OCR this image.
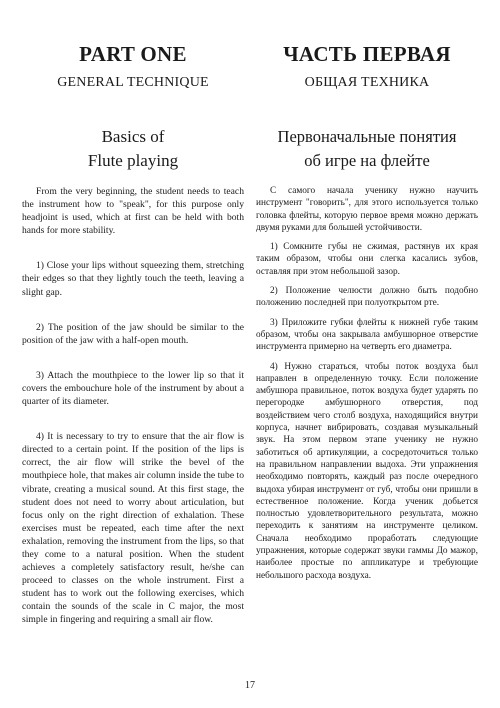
PART ONE
GENERAL TECHNIQUE
Basics of
Flute playing

From the very beginning, the student needs to teach the instrument how to "speak", for this purpose only headjoint is used, which at first can be held with both hands for more stability.

1) Close your lips without squeezing them, stretching their edges so that they lightly touch the teeth, leaving a slight gap.

2) The position of the jaw should be similar to the position of the jaw with a half-open mouth.

3) Attach the mouthpiece to the lower lip so that it covers the embouchure hole of the instrument by about a quarter of its diameter.

4) It is necessary to try to ensure that the air flow is directed to a certain point. If the position of the lips is correct, the air flow will strike the bevel of the mouthpiece hole, that makes air column inside the tube to vibrate, creating a musical sound. At this first stage, the student does not need to worry about articulation, but focus only on the right direction of exhalation. These exercises must be repeated, each time after the next exhalation, removing the instrument from the lips, so that they come to a natural position. When the student achieves a completely satisfactory result, he/she can proceed to classes on the whole instrument. First a student has to work out the following exercises, which contain the sounds of the scale in C major, the most simple in fingering and requiring a small air flow.

ЧАСТЬ ПЕРВАЯ
ОБЩАЯ ТЕХНИКА
Первоначальные понятия
об игре на флейте

С самого начала ученику нужно научить инструмент "говорить", для этого используется только головка флейты, которую первое время можно держать двумя руками для большей устойчивости.

1) Сомкните губы не сжимая, растянув их края таким образом, чтобы они слегка касались зубов, оставляя при этом небольшой зазор.

2) Положение челюсти должно быть подобно положению последней при полуоткрытом рте.

3) Приложите губки флейты к нижней губе таким образом, чтобы она закрывала амбушюрное отверстие инструмента примерно на четверть его диаметра.

4) Нужно стараться, чтобы поток воздуха был направлен в определенную точку. Если положение амбушюра правильное, поток воздуха будет ударять по перегородке амбушюрного отверстия, под воздействием чего столб воздуха, находящийся внутри корпуса, начнет вибрировать, создавая музыкальный звук. На этом первом этапе ученику не нужно заботиться об артикуляции, а сосредоточиться только на правильном направлении выдоха. Эти упражнения необходимо повторять, каждый раз после очередного выдоха убирая инструмент от губ, чтобы они пришли в естественное положение. Когда ученик добьется полностью удовлетворительного результата, можно переходить к занятиям на инструменте целиком. Сначала необходимо проработать следующие упражнения, которые содержат звуки гаммы До мажор, наиболее простые по аппликатуре и требующие небольшого расхода воздуха.

17
